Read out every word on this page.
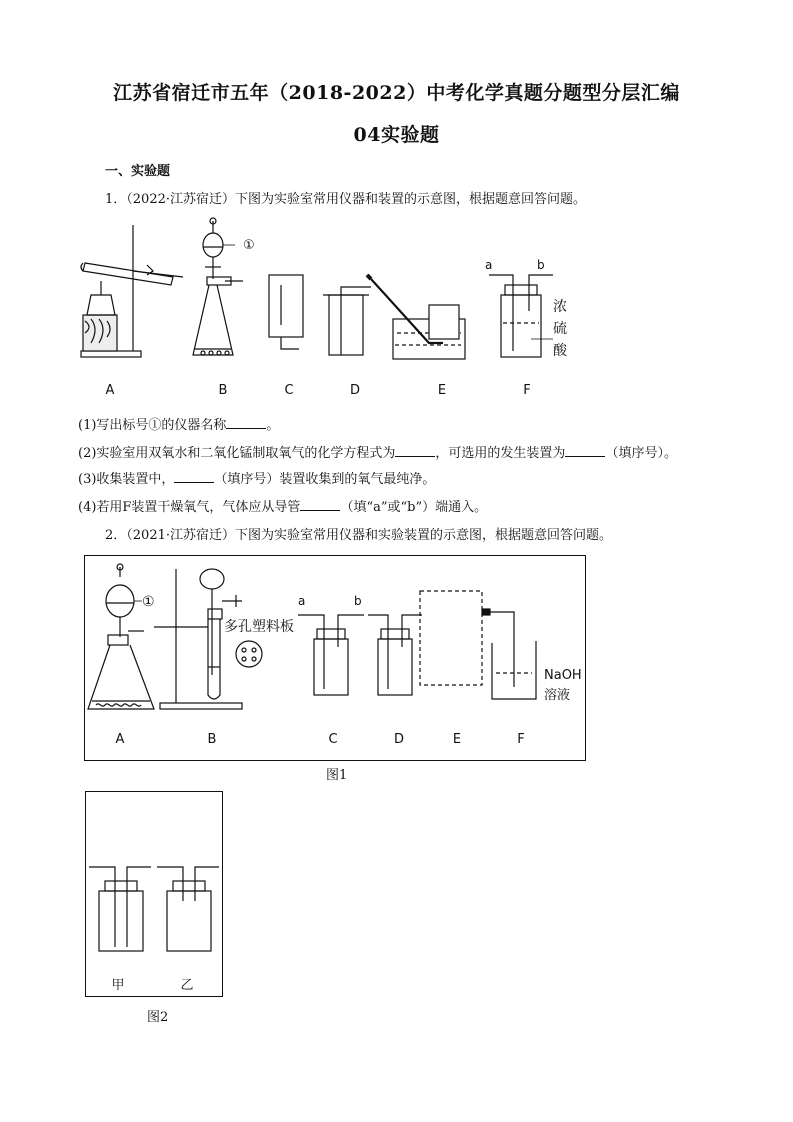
江苏省宿迁市五年（2018-2022）中考化学真题分题型分层汇编
04实验题
一、实验题
1．（2022·江苏宿迁）下图为实验室常用仪器和装置的示意图，根据题意回答问题。
①
a	b
浓
硫
酸
A	B	C	D	E	F
(1)写出标号①的仪器名称	。
(2)实验室用双氧水和二氧化锰制取氧气的化学方程式为	，可选用的发生装置为	（填序号）。
(3)收集装置中，	（填序号）装置收集到的氧气最纯净。
(4)若用F装置干燥氧气，气体应从导管	（填“a”或“b”）端通入。
2．（2021·江苏宿迁）下图为实验室常用仪器和实验装置的示意图，根据题意回答问题。
①
多孔塑料板
a	b
NaOH
溶液
A	B	C	D	E	F
图1
甲	乙
图2
